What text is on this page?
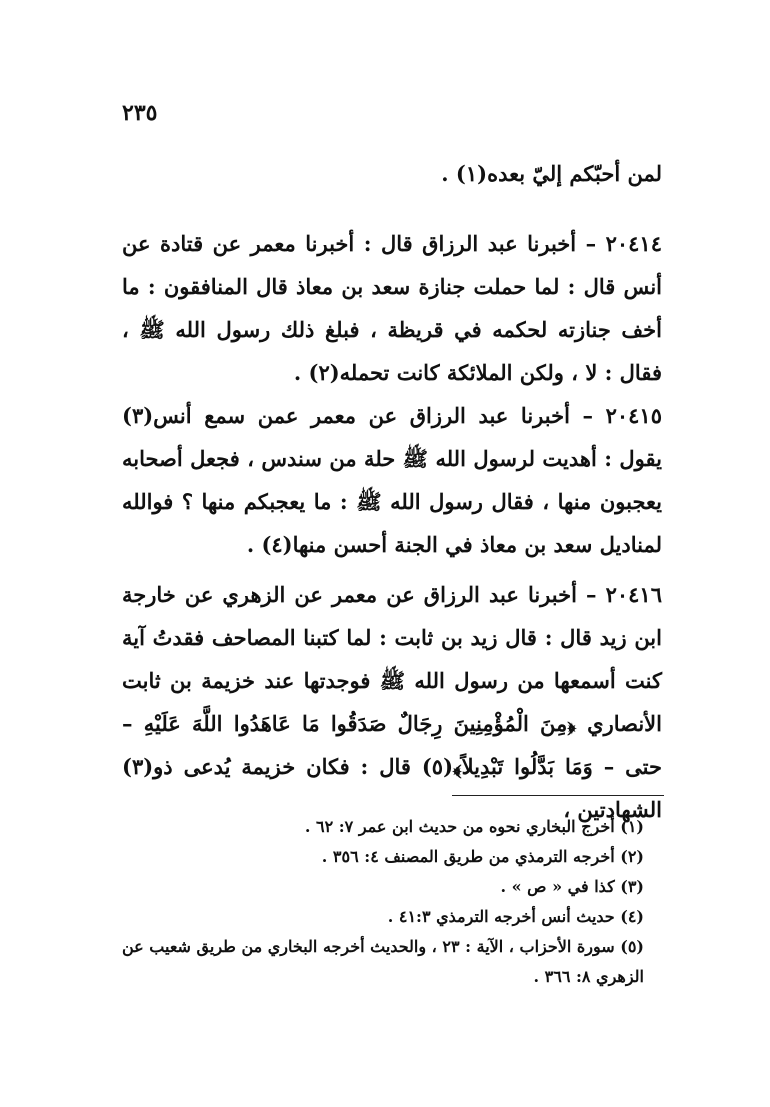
٢٣٥

لمن أحبّكم إليّ بعده(١) .

٢٠٤١٤ – أخبرنا عبد الرزاق قال : أخبرنا معمر عن قتادة عن أنس قال : لما حملت جنازة سعد بن معاذ قال المنافقون : ما أخف جنازته لحكمه في قريظة ، فبلغ ذلك رسول الله ﷺ ، فقال : لا ، ولكن الملائكة كانت تحمله(٢) .

٢٠٤١٥ – أخبرنا عبد الرزاق عن معمر عمن سمع أنس(٣) يقول : أهديت لرسول الله ﷺ حلة من سندس ، فجعل أصحابه يعجبون منها ، فقال رسول الله ﷺ : ما يعجبكم منها ؟ فوالله لمناديل سعد بن معاذ في الجنة أحسن منها(٤) .

٢٠٤١٦ – أخبرنا عبد الرزاق عن معمر عن الزهري عن خارجة ابن زيد قال : قال زيد بن ثابت : لما كتبنا المصاحف فقدتُ آية كنت أسمعها من رسول الله ﷺ فوجدتها عند خزيمة بن ثابت الأنصاري ﴿مِنَ الْمُؤْمِنِينَ رِجَالٌ صَدَقُوا مَا عَاهَدُوا اللَّهَ عَلَيْهِ – حتى – وَمَا بَدَّلُوا تَبْدِيلاً﴾(٥) قال : فكان خزيمة يُدعى ذو(٣) الشهادتين ،

(١) أخرج البخاري نحوه من حديث ابن عمر ٧: ٦٢ .

(٢) أخرجه الترمذي من طريق المصنف ٤: ٣٥٦ .

(٣) كذا في « ص » .

(٤) حديث أنس أخرجه الترمذي ٤١:٣ .

(٥) سورة الأحزاب ، الآية : ٢٣ ، والحديث أخرجه البخاري من طريق شعيب عن الزهري ٨: ٣٦٦ .
